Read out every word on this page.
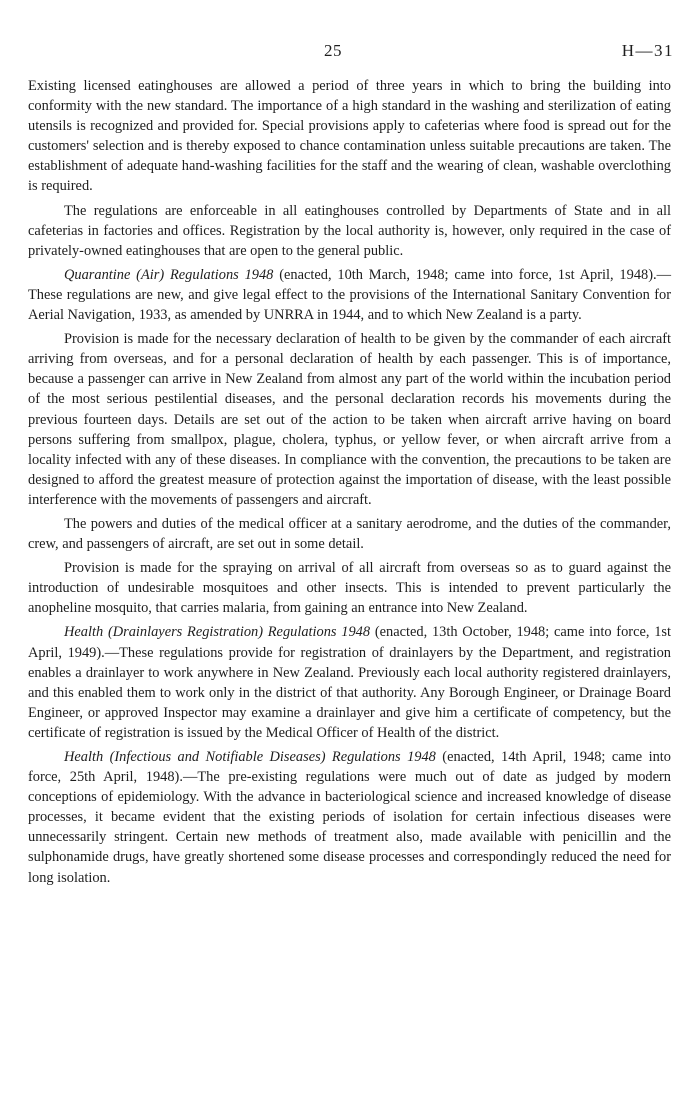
25	H—31

Existing licensed eatinghouses are allowed a period of three years in which to bring the building into conformity with the new standard. The importance of a high standard in the washing and sterilization of eating utensils is recognized and provided for. Special provisions apply to cafeterias where food is spread out for the customers' selection and is thereby exposed to chance contamination unless suitable precautions are taken. The establishment of adequate hand-washing facilities for the staff and the wearing of clean, washable overclothing is required.

The regulations are enforceable in all eatinghouses controlled by Departments of State and in all cafeterias in factories and offices. Registration by the local authority is, however, only required in the case of privately-owned eatinghouses that are open to the general public.

Quarantine (Air) Regulations 1948 (enacted, 10th March, 1948; came into force, 1st April, 1948).—These regulations are new, and give legal effect to the provisions of the International Sanitary Convention for Aerial Navigation, 1933, as amended by UNRRA in 1944, and to which New Zealand is a party.

Provision is made for the necessary declaration of health to be given by the commander of each aircraft arriving from overseas, and for a personal declaration of health by each passenger. This is of importance, because a passenger can arrive in New Zealand from almost any part of the world within the incubation period of the most serious pestilential diseases, and the personal declaration records his movements during the previous fourteen days. Details are set out of the action to be taken when aircraft arrive having on board persons suffering from smallpox, plague, cholera, typhus, or yellow fever, or when aircraft arrive from a locality infected with any of these diseases. In compliance with the convention, the precautions to be taken are designed to afford the greatest measure of protection against the importation of disease, with the least possible interference with the movements of passengers and aircraft.

The powers and duties of the medical officer at a sanitary aerodrome, and the duties of the commander, crew, and passengers of aircraft, are set out in some detail.

Provision is made for the spraying on arrival of all aircraft from overseas so as to guard against the introduction of undesirable mosquitoes and other insects. This is intended to prevent particularly the anopheline mosquito, that carries malaria, from gaining an entrance into New Zealand.

Health (Drainlayers Registration) Regulations 1948 (enacted, 13th October, 1948; came into force, 1st April, 1949).—These regulations provide for registration of drainlayers by the Department, and registration enables a drainlayer to work anywhere in New Zealand. Previously each local authority registered drainlayers, and this enabled them to work only in the district of that authority. Any Borough Engineer, or Drainage Board Engineer, or approved Inspector may examine a drainlayer and give him a certificate of competency, but the certificate of registration is issued by the Medical Officer of Health of the district.

Health (Infectious and Notifiable Diseases) Regulations 1948 (enacted, 14th April, 1948; came into force, 25th April, 1948).—The pre-existing regulations were much out of date as judged by modern conceptions of epidemiology. With the advance in bacteriological science and increased knowledge of disease processes, it became evident that the existing periods of isolation for certain infectious diseases were unnecessarily stringent. Certain new methods of treatment also, made available with penicillin and the sulphonamide drugs, have greatly shortened some disease processes and correspondingly reduced the need for long isolation.
